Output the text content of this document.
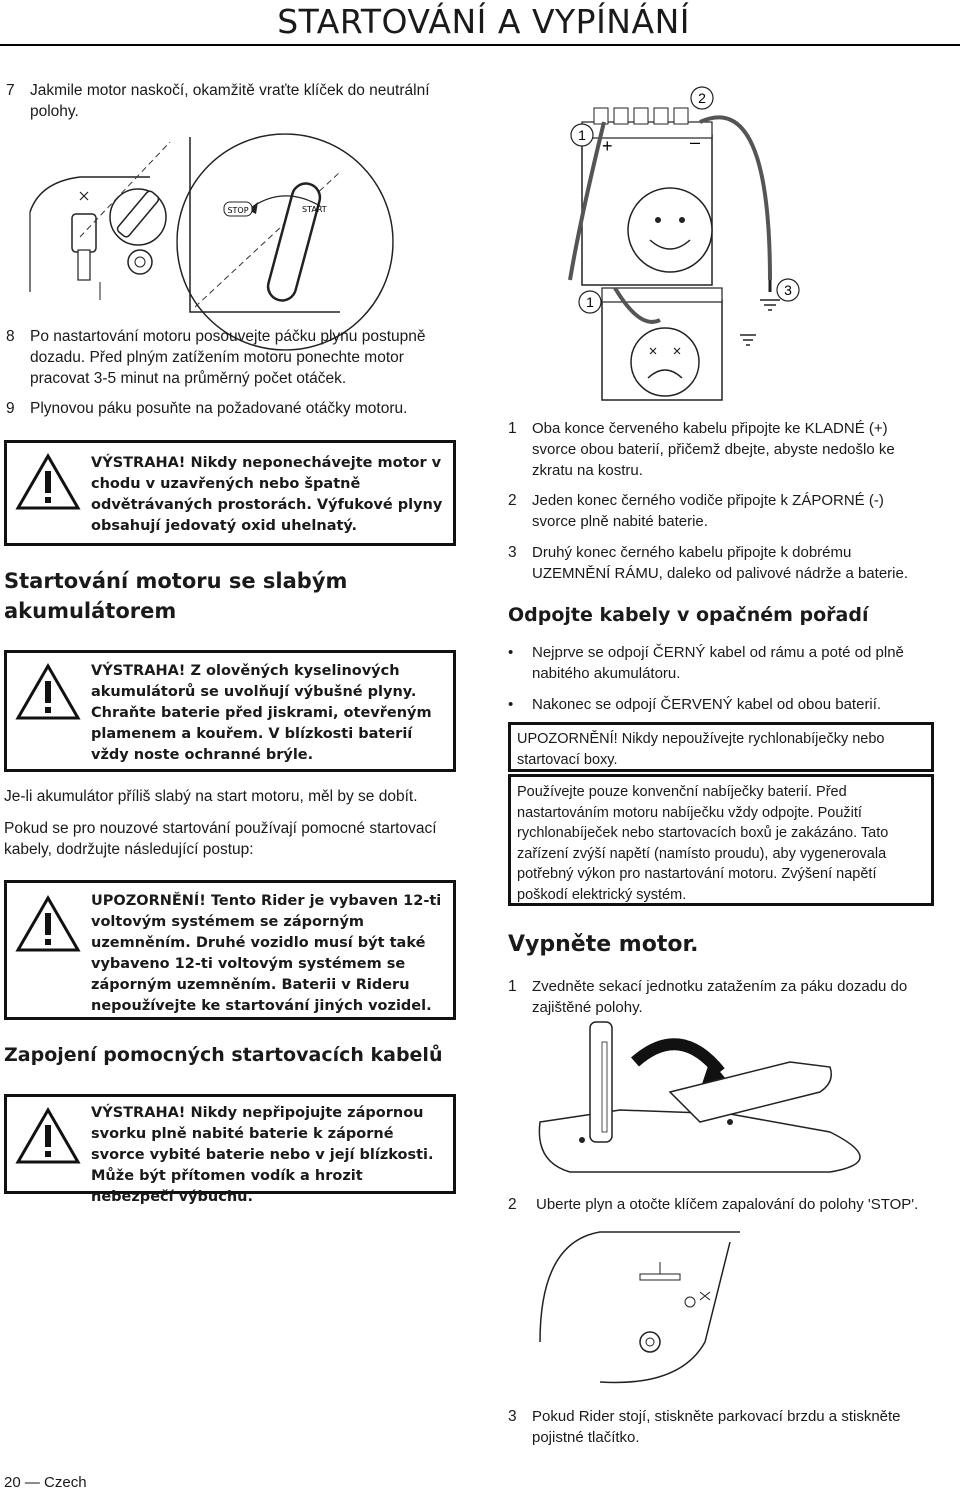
STARTOVÁNÍ A VYPÍNÁNÍ
7 Jakmile motor naskočí, okamžitě vraťte klíček do neutrální polohy.
STOP	START
8 Po nastartování motoru posouvejte páčku plynu postupně dozadu. Před plným zatížením motoru ponechte motor pracovat 3-5 minut na průměrný počet otáček.
9 Plynovou páku posuňte na požadované otáčky motoru.
VÝSTRAHA! Nikdy neponechávejte motor v chodu v uzavřených nebo špatně odvětrávaných prostorách. Výfukové plyny obsahují jedovatý oxid uhelnatý.
Startování motoru se slabým akumulátorem
VÝSTRAHA! Z olověných kyselinových akumulátorů se uvolňují výbušné plyny. Chraňte baterie před jiskrami, otevřeným plamenem a kouřem. V blízkosti baterií vždy noste ochranné brýle.
Je-li akumulátor příliš slabý na start motoru, měl by se dobít.
Pokud se pro nouzové startování používají pomocné startovací kabely, dodržujte následující postup:
UPOZORNĚNÍ! Tento Rider je vybaven 12-ti voltovým systémem se záporným uzemněním. Druhé vozidlo musí být také vybaveno 12-ti voltovým systémem se záporným uzemněním. Baterii v Rideru nepoužívejte ke startování jiných vozidel.
Zapojení pomocných startovacích kabelů
VÝSTRAHA! Nikdy nepřipojujte zápornou svorku plně nabité baterie k záporné svorce vybité baterie nebo v její blízkosti. Může být přítomen vodík a hrozit nebezpečí výbuchu.
+	–
1
2
1
3
1 Oba konce červeného kabelu připojte ke KLADNÉ (+) svorce obou baterií, přičemž dbejte, abyste nedošlo ke zkratu na kostru.
2 Jeden konec černého vodiče připojte k ZÁPORNÉ (-) svorce plně nabité baterie.
3 Druhý konec černého kabelu připojte k dobrému UZEMNĚNÍ RÁMU, daleko od palivové nádrže a baterie.
Odpojte kabely v opačném pořadí
• Nejprve se odpojí ČERNÝ kabel od rámu a poté od plně nabitého akumulátoru.
• Nakonec se odpojí ČERVENÝ kabel od obou baterií.
UPOZORNĚNÍ! Nikdy nepoužívejte rychlonabíječky nebo startovací boxy.
Používejte pouze konvenční nabíječky baterií. Před nastartováním motoru nabíječku vždy odpojte. Použití rychlonabíječek nebo startovacích boxů je zakázáno. Tato zařízení zvýší napětí (namísto proudu), aby vygenerovala potřebný výkon pro nastartování motoru. Zvýšení napětí poškodí elektrický systém.
Vypněte motor.
1 Zvedněte sekací jednotku zatažením za páku dozadu do zajištěné polohy.
2 Uberte plyn a otočte klíčem zapalování do polohy 'STOP'.
3 Pokud Rider stojí, stiskněte parkovací brzdu a stiskněte pojistné tlačítko.
20 — Czech
